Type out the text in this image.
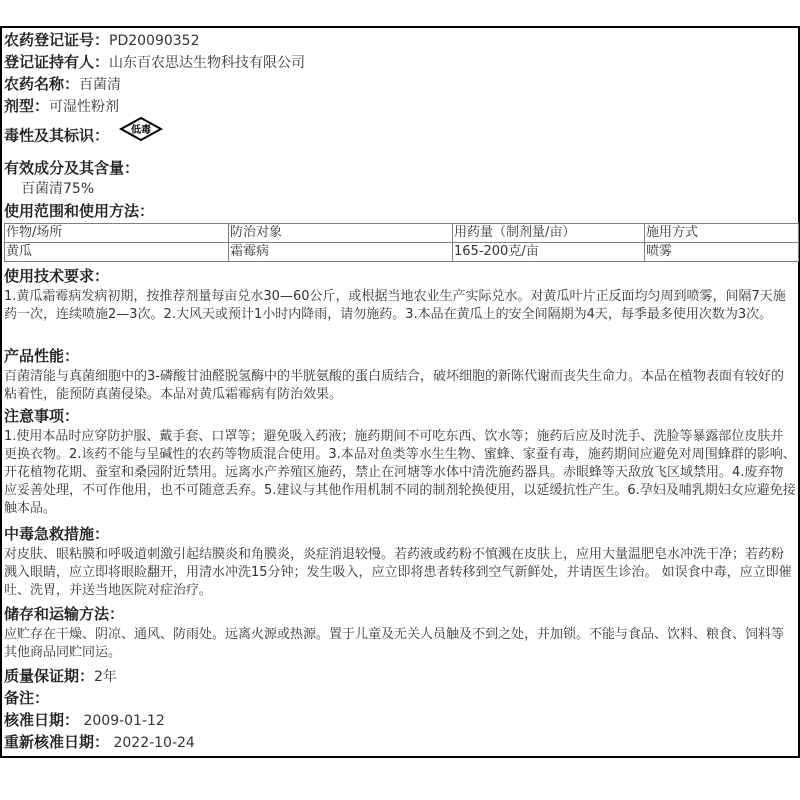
农药登记证号：PD20090352
登记证持有人：山东百农思达生物科技有限公司
农药名称：百菌清
剂型：可湿性粉剂
毒性及其标识： 低毒
有效成分及其含量：
百菌清75%
使用范围和使用方法：
作物/场所	防治对象	用药量（制剂量/亩）	施用方式
黄瓜	霜霉病	165-200克/亩	喷雾
使用技术要求：
1.黄瓜霜霉病发病初期，按推荐剂量每亩兑水30—60公斤，或根据当地农业生产实际兑水。对黄瓜叶片正反面均匀周到喷雾，间隔7天施药一次，连续喷施2—3次。2.大风天或预计1小时内降雨，请勿施药。3.本品在黄瓜上的安全间隔期为4天，每季最多使用次数为3次。
产品性能：
百菌清能与真菌细胞中的3-磷酸甘油醛脱氢酶中的半胱氨酸的蛋白质结合，破坏细胞的新陈代谢而丧失生命力。本品在植物表面有较好的粘着性，能预防真菌侵染。本品对黄瓜霜霉病有防治效果。
注意事项：
1.使用本品时应穿防护服、戴手套、口罩等；避免吸入药液；施药期间不可吃东西、饮水等；施药后应及时洗手、洗脸等暴露部位皮肤并更换衣物。2.该药不能与呈碱性的农药等物质混合使用。3.本品对鱼类等水生生物、蜜蜂、家蚕有毒，施药期间应避免对周围蜂群的影响、开花植物花期、蚕室和桑园附近禁用。远离水产养殖区施药，禁止在河塘等水体中清洗施药器具。赤眼蜂等天敌放飞区域禁用。4.废弃物应妥善处理，不可作他用，也不可随意丢弃。5.建议与其他作用机制不同的制剂轮换使用，以延缓抗性产生。6.孕妇及哺乳期妇女应避免接触本品。
中毒急救措施：
对皮肤、眼粘膜和呼吸道刺激引起结膜炎和角膜炎，炎症消退较慢。若药液或药粉不慎溅在皮肤上，应用大量温肥皂水冲洗干净；若药粉溅入眼睛，应立即将眼睑翻开，用清水冲洗15分钟；发生吸入，应立即将患者转移到空气新鲜处，并请医生诊治。 如误食中毒，应立即催吐、洗胃，并送当地医院对症治疗。
储存和运输方法：
应贮存在干燥、阴凉、通风、防雨处。远离火源或热源。置于儿童及无关人员触及不到之处，并加锁。不能与食品、饮料、粮食、饲料等其他商品同贮同运。
质量保证期：2年
备注：
核准日期： 2009-01-12
重新核准日期： 2022-10-24
